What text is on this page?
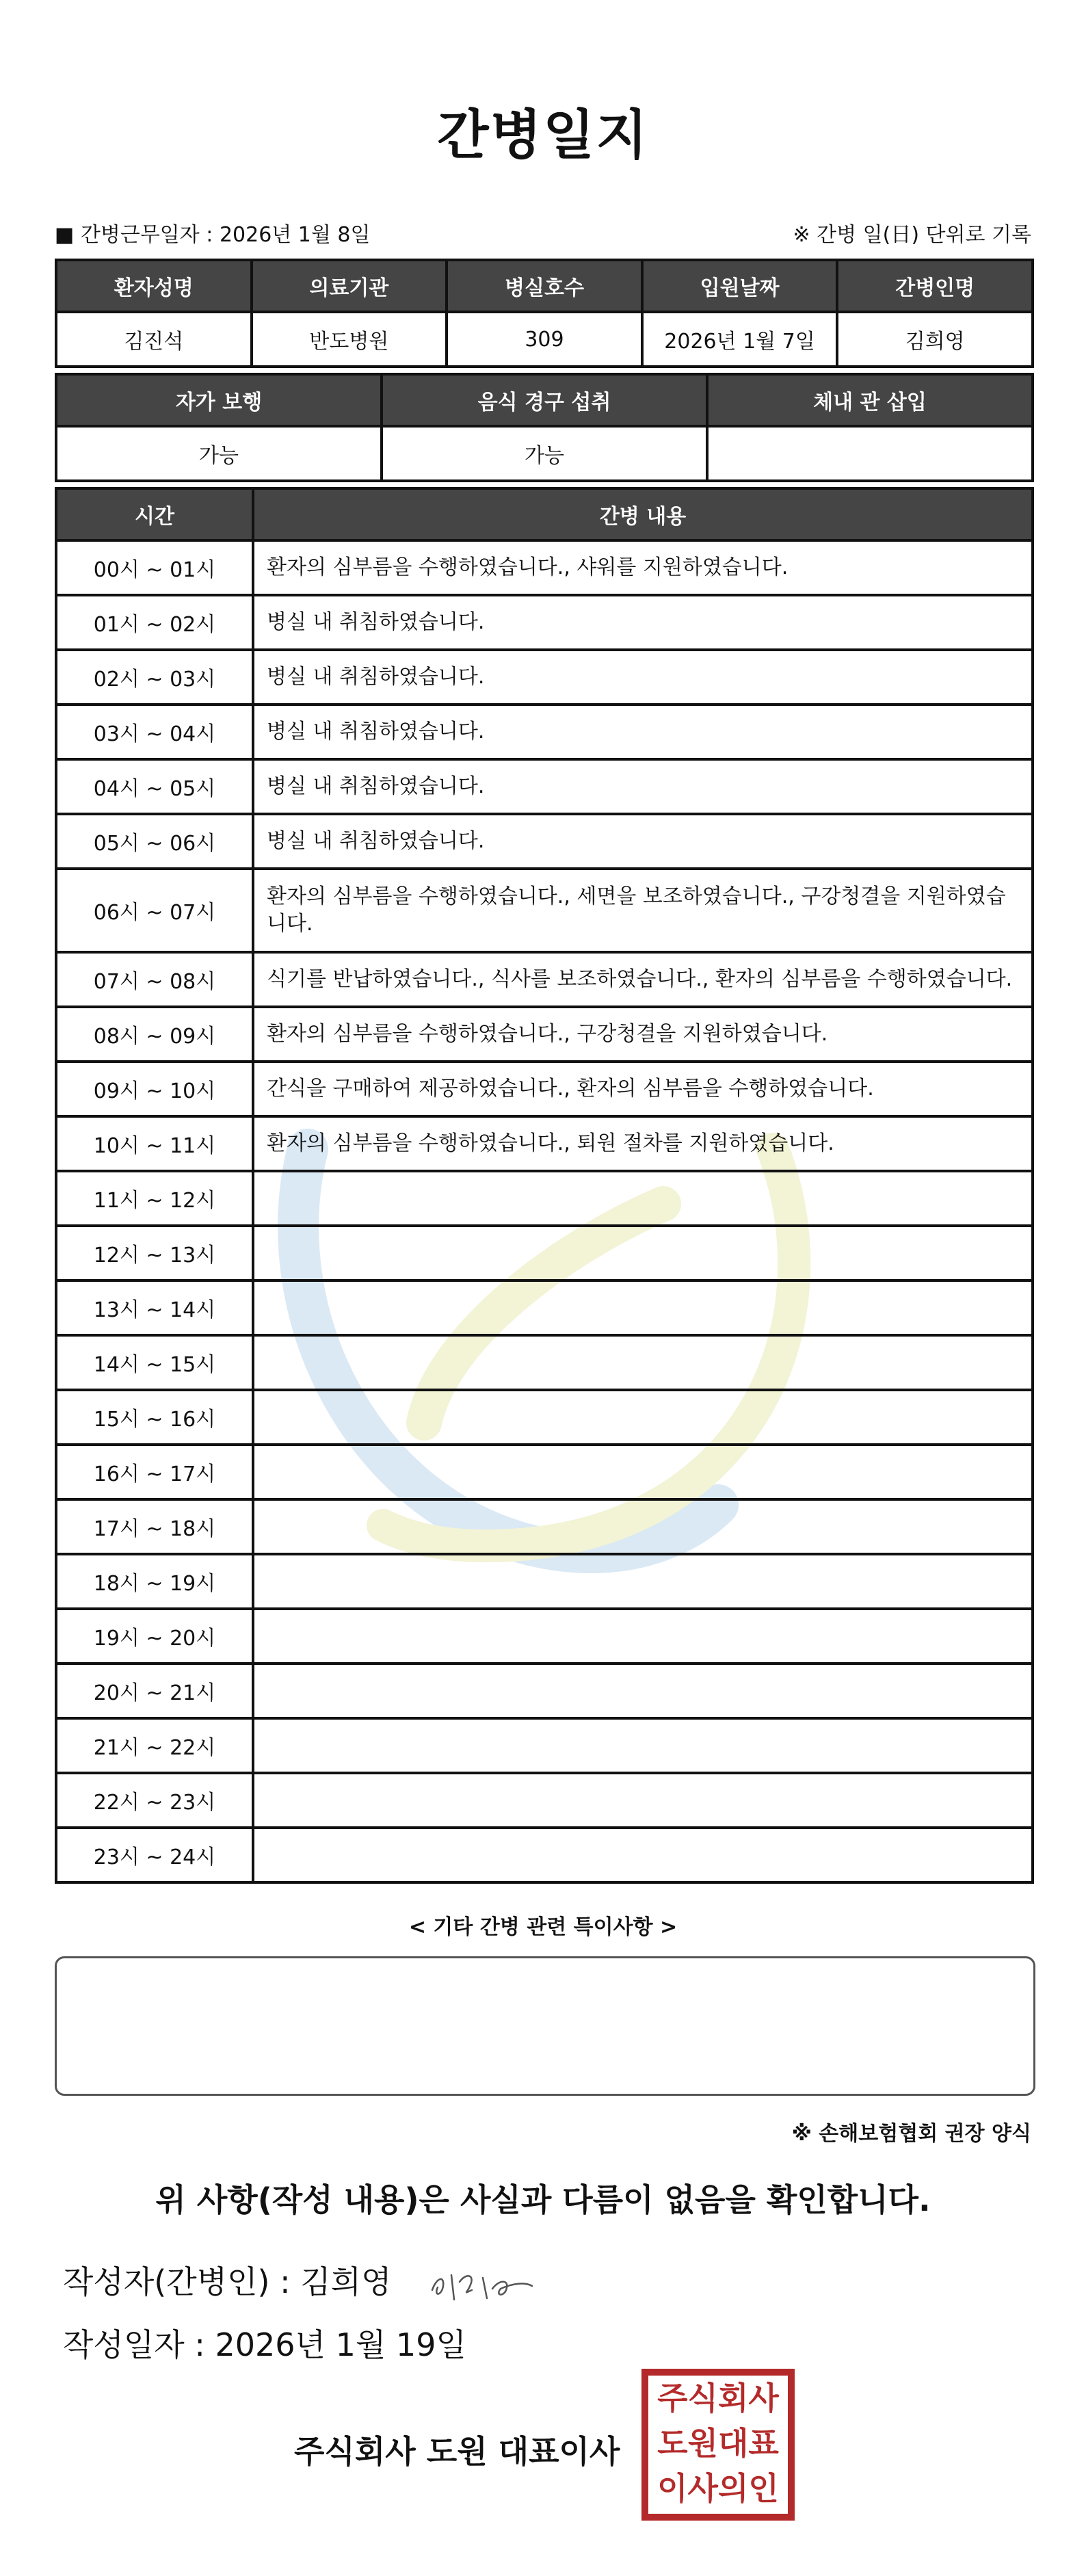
간병일지
■ 간병근무일자 : 2026년 1월 8일	※ 간병 일(日) 단위로 기록
환자성명	의료기관	병실호수	입원날짜	간병인명
김진석	반도병원	309	2026년 1월 7일	김희영
자가 보행	음식 경구 섭취	체내 관 삽입
가능	가능	
시간	간병 내용
00시 ~ 01시	환자의 심부름을 수행하였습니다., 샤워를 지원하였습니다.
01시 ~ 02시	병실 내 취침하였습니다.
02시 ~ 03시	병실 내 취침하였습니다.
03시 ~ 04시	병실 내 취침하였습니다.
04시 ~ 05시	병실 내 취침하였습니다.
05시 ~ 06시	병실 내 취침하였습니다.
06시 ~ 07시	환자의 심부름을 수행하였습니다., 세면을 보조하였습니다., 구강청결을 지원하였습니다.
07시 ~ 08시	식기를 반납하였습니다., 식사를 보조하였습니다., 환자의 심부름을 수행하였습니다.
08시 ~ 09시	환자의 심부름을 수행하였습니다., 구강청결을 지원하였습니다.
09시 ~ 10시	간식을 구매하여 제공하였습니다., 환자의 심부름을 수행하였습니다.
10시 ~ 11시	환자의 심부름을 수행하였습니다., 퇴원 절차를 지원하였습니다.
11시 ~ 12시	
12시 ~ 13시	
13시 ~ 14시	
14시 ~ 15시	
15시 ~ 16시	
16시 ~ 17시	
17시 ~ 18시	
18시 ~ 19시	
19시 ~ 20시	
20시 ~ 21시	
21시 ~ 22시	
22시 ~ 23시	
23시 ~ 24시	
< 기타 간병 관련 특이사항 >
※ 손해보험협회 권장 양식
위 사항(작성 내용)은 사실과 다름이 없음을 확인합니다.
작성자(간병인) : 김희영
작성일자 : 2026년 1월 19일
주식회사 도원 대표이사
주식회사
도원대표
이사의인
